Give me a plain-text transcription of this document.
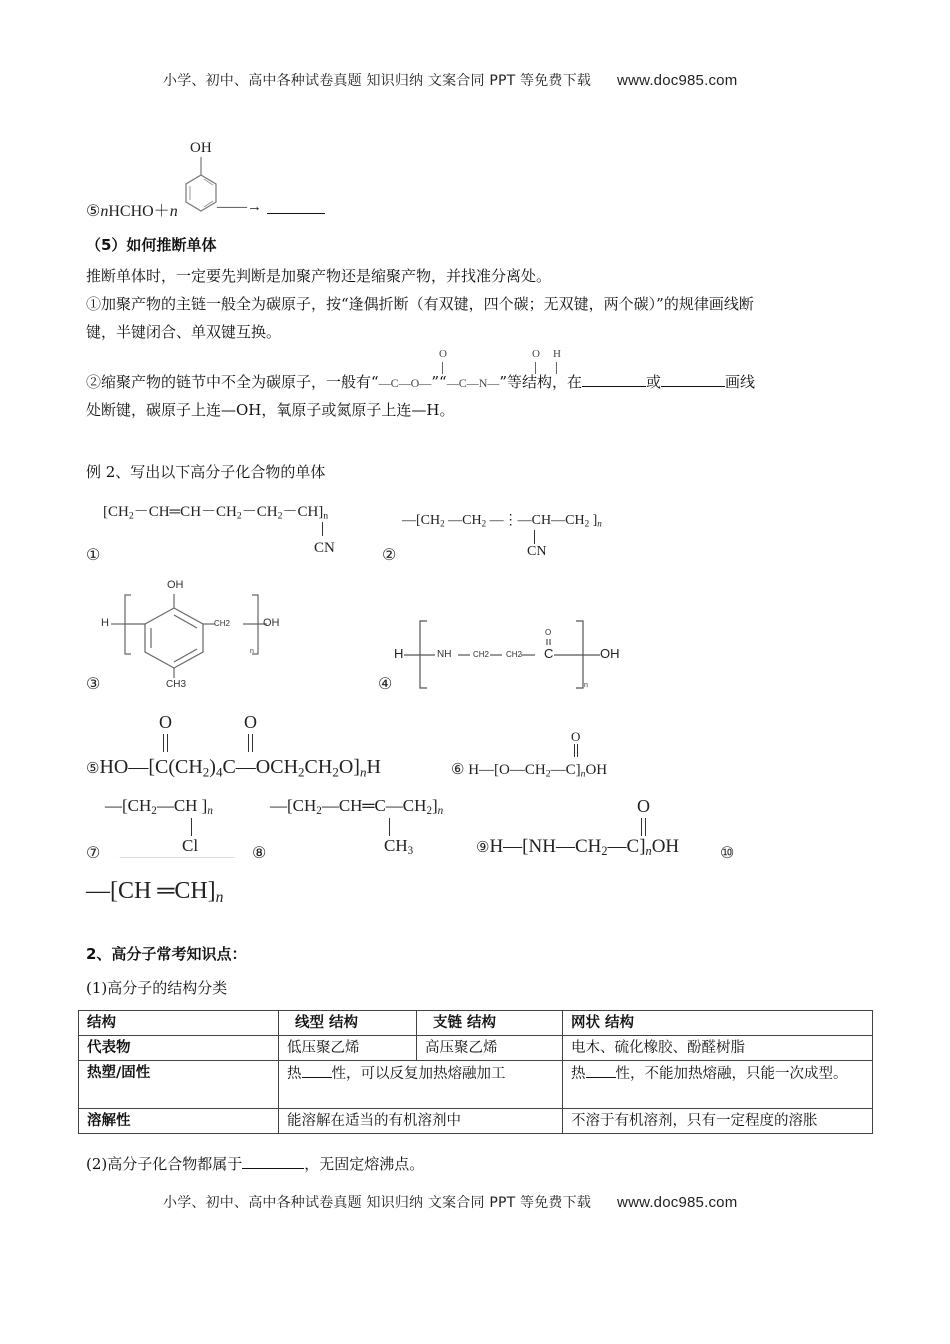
小学、初中、高中各种试卷真题 知识归纳 文案合同 PPT 等免费下载 www.doc985.com
⑤nHCHO＋n
OH
——→
（5）如何推断单体
推断单体时，一定要先判断是加聚产物还是缩聚产物，并找准分离处。
①加聚产物的主链一般全为碳原子，按“逢偶折断（有双键，四个碳；无双键，两个碳）”的规律画线断
键，半键闭合、单双键互换。
②缩聚产物的链节中不全为碳原子，一般有“—C—O—”“—C—N—”等结构，在	或	画线
O	O H
处断键，碳原子上连—OH，氧原子或氮原子上连—H。
例 2、写出以下高分子化合物的单体
$[CH_2-CH═CH-CH_2-CH_2-CH]_n$
CN
①
$—[CH_2$ $—CH_2$ $—⋮—CH—CH_2$ ]$_n$
CN
②
OH
H	CH2	OH
n
CH3
③
H	NH	CH2 CH2 C
O
OH
n
④
O	O
$⑤HO—[C(CH_2)_4C—OCH_2CH_2O]_nH$
O
⑥ $H—[O—CH_2—C]_nOH$
$—[CH_2—CH$ ]$_n$
Cl
⑦
$—[CH_2—CH═C—CH_2]_n$
$CH_3$
⑧
O
$⑨H—[NH—CH_2—C]_nOH$	⑩
—[CH $═CH]_n$
2、高分子常考知识点：
(1)高分子的结构分类
结构	线型 结构	支链 结构	网状 结构
代表物	低压聚乙烯	高压聚乙烯	电木、硫化橡胶、酚醛树脂
热塑/固性	热 性，可以反复加热熔融加工		热 性，不能加热熔融，只能一次成型。
溶解性	能溶解在适当的有机溶剂中		不溶于有机溶剂，只有一定程度的溶胀
(2)高分子化合物都属于	，无固定熔沸点。
小学、初中、高中各种试卷真题 知识归纳 文案合同 PPT 等免费下载 www.doc985.com
